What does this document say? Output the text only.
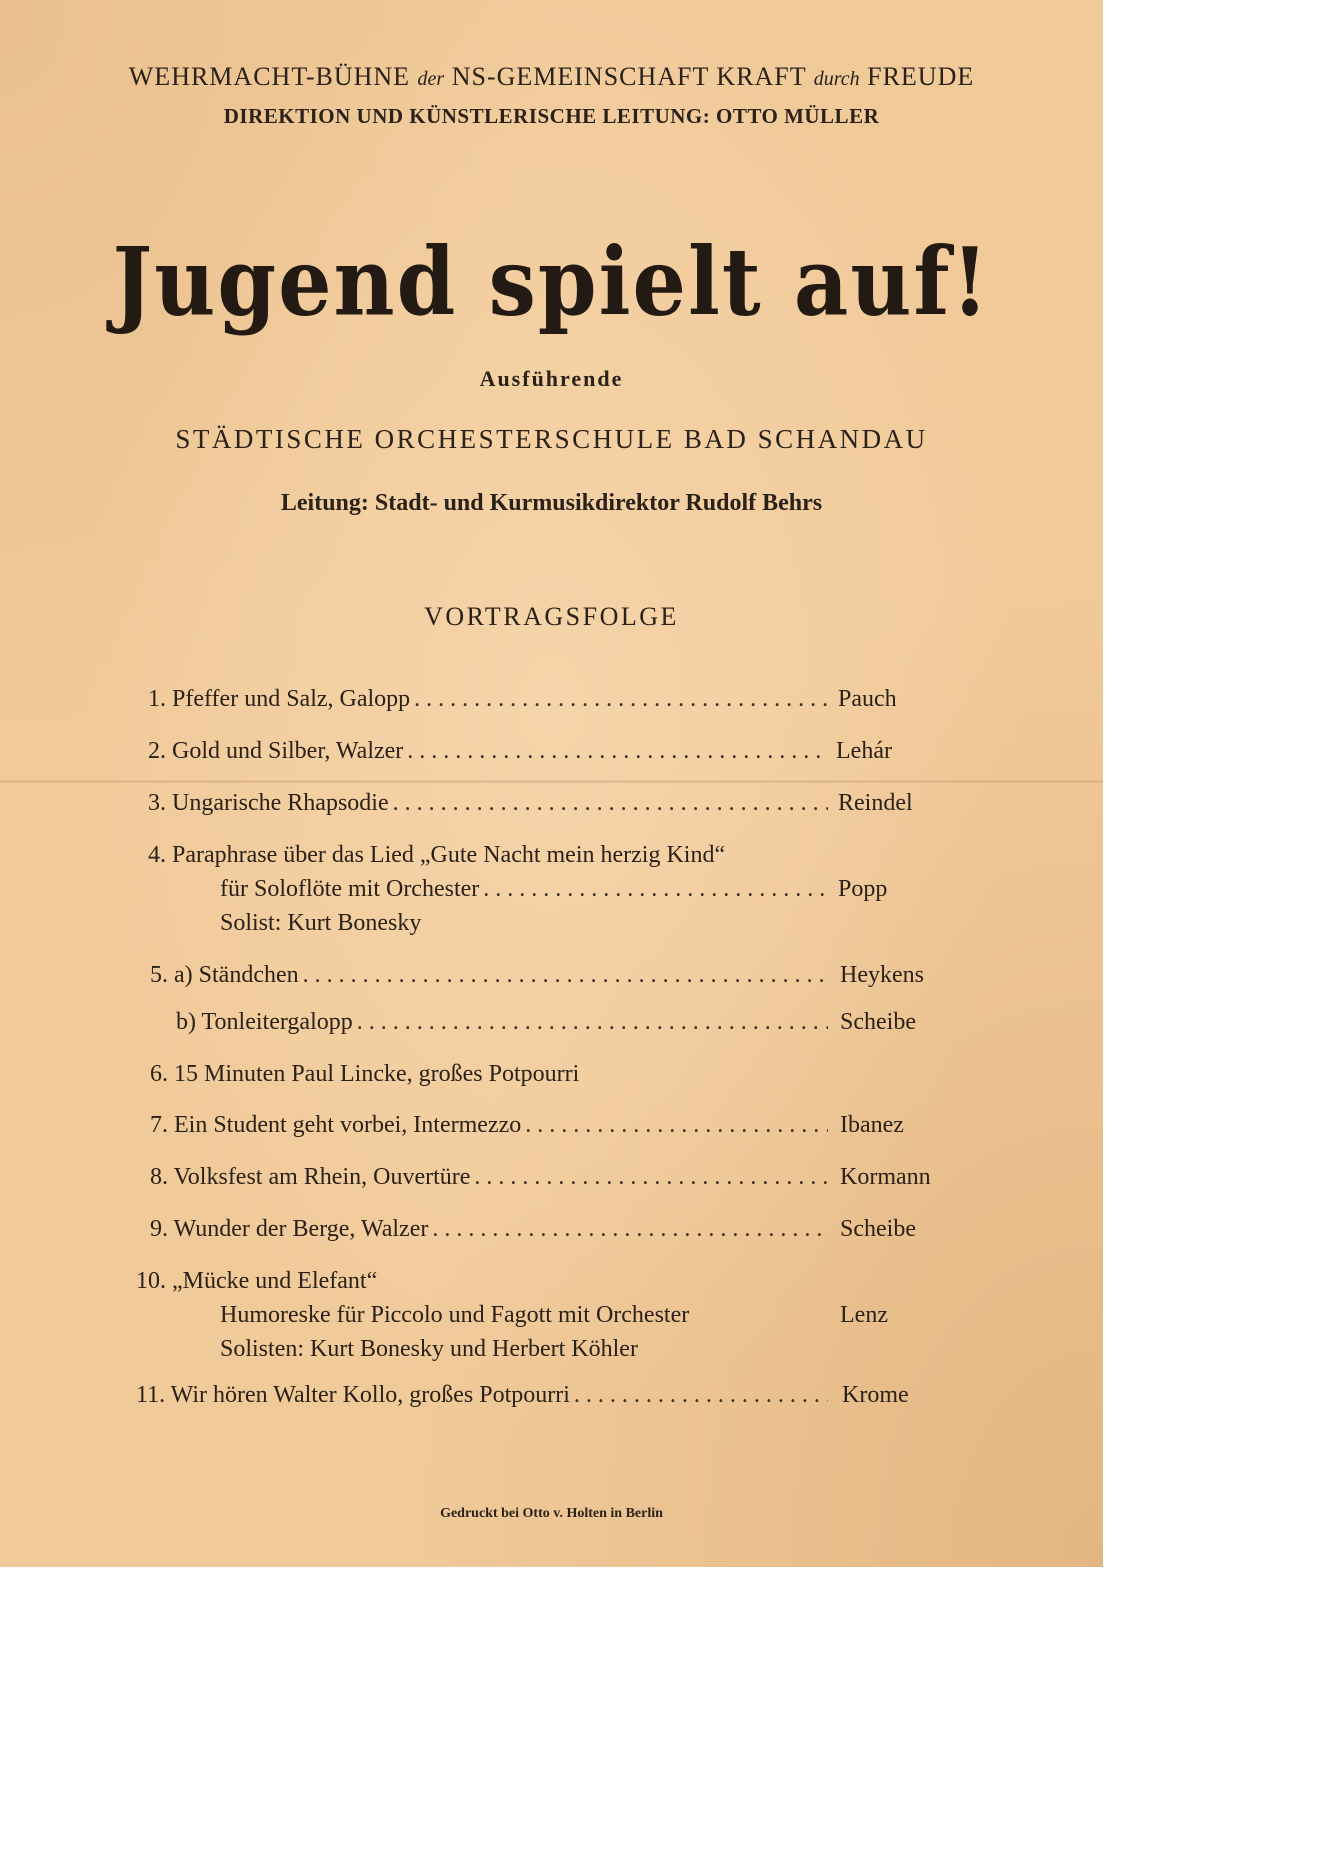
WEHRMACHT-BÜHNE der NS-GEMEINSCHAFT KRAFT durch FREUDE
DIREKTION UND KÜNSTLERISCHE LEITUNG: OTTO MÜLLER
Jugend spielt auf!
Ausführende
STÄDTISCHE ORCHESTERSCHULE BAD SCHANDAU
Leitung: Stadt- und Kurmusikdirektor Rudolf Behrs
VORTRAGSFOLGE
1. Pfeffer und Salz, Galopp . . .	Pauch
2. Gold und Silber, Walzer . . .	Lehár
3. Ungarische Rhapsodie . . .	Reindel
4. Paraphrase über das Lied „Gute Nacht mein herzig Kind“
für Soloflöte mit Orchester . . .	Popp
Solist: Kurt Bonesky
5. a) Ständchen . . .	Heykens
b) Tonleitergalopp . . .	Scheibe
6. 15 Minuten Paul Lincke, großes Potpourri
7. Ein Student geht vorbei, Intermezzo . . .	Ibanez
8. Volksfest am Rhein, Ouvertüre . . .	Kormann
9. Wunder der Berge, Walzer . . .	Scheibe
10. „Mücke und Elefant“
Humoreske für Piccolo und Fagott mit Orchester	Lenz
Solisten: Kurt Bonesky und Herbert Köhler
11. Wir hören Walter Kollo, großes Potpourri . . .	Krome
Gedruckt bei Otto v. Holten in Berlin
